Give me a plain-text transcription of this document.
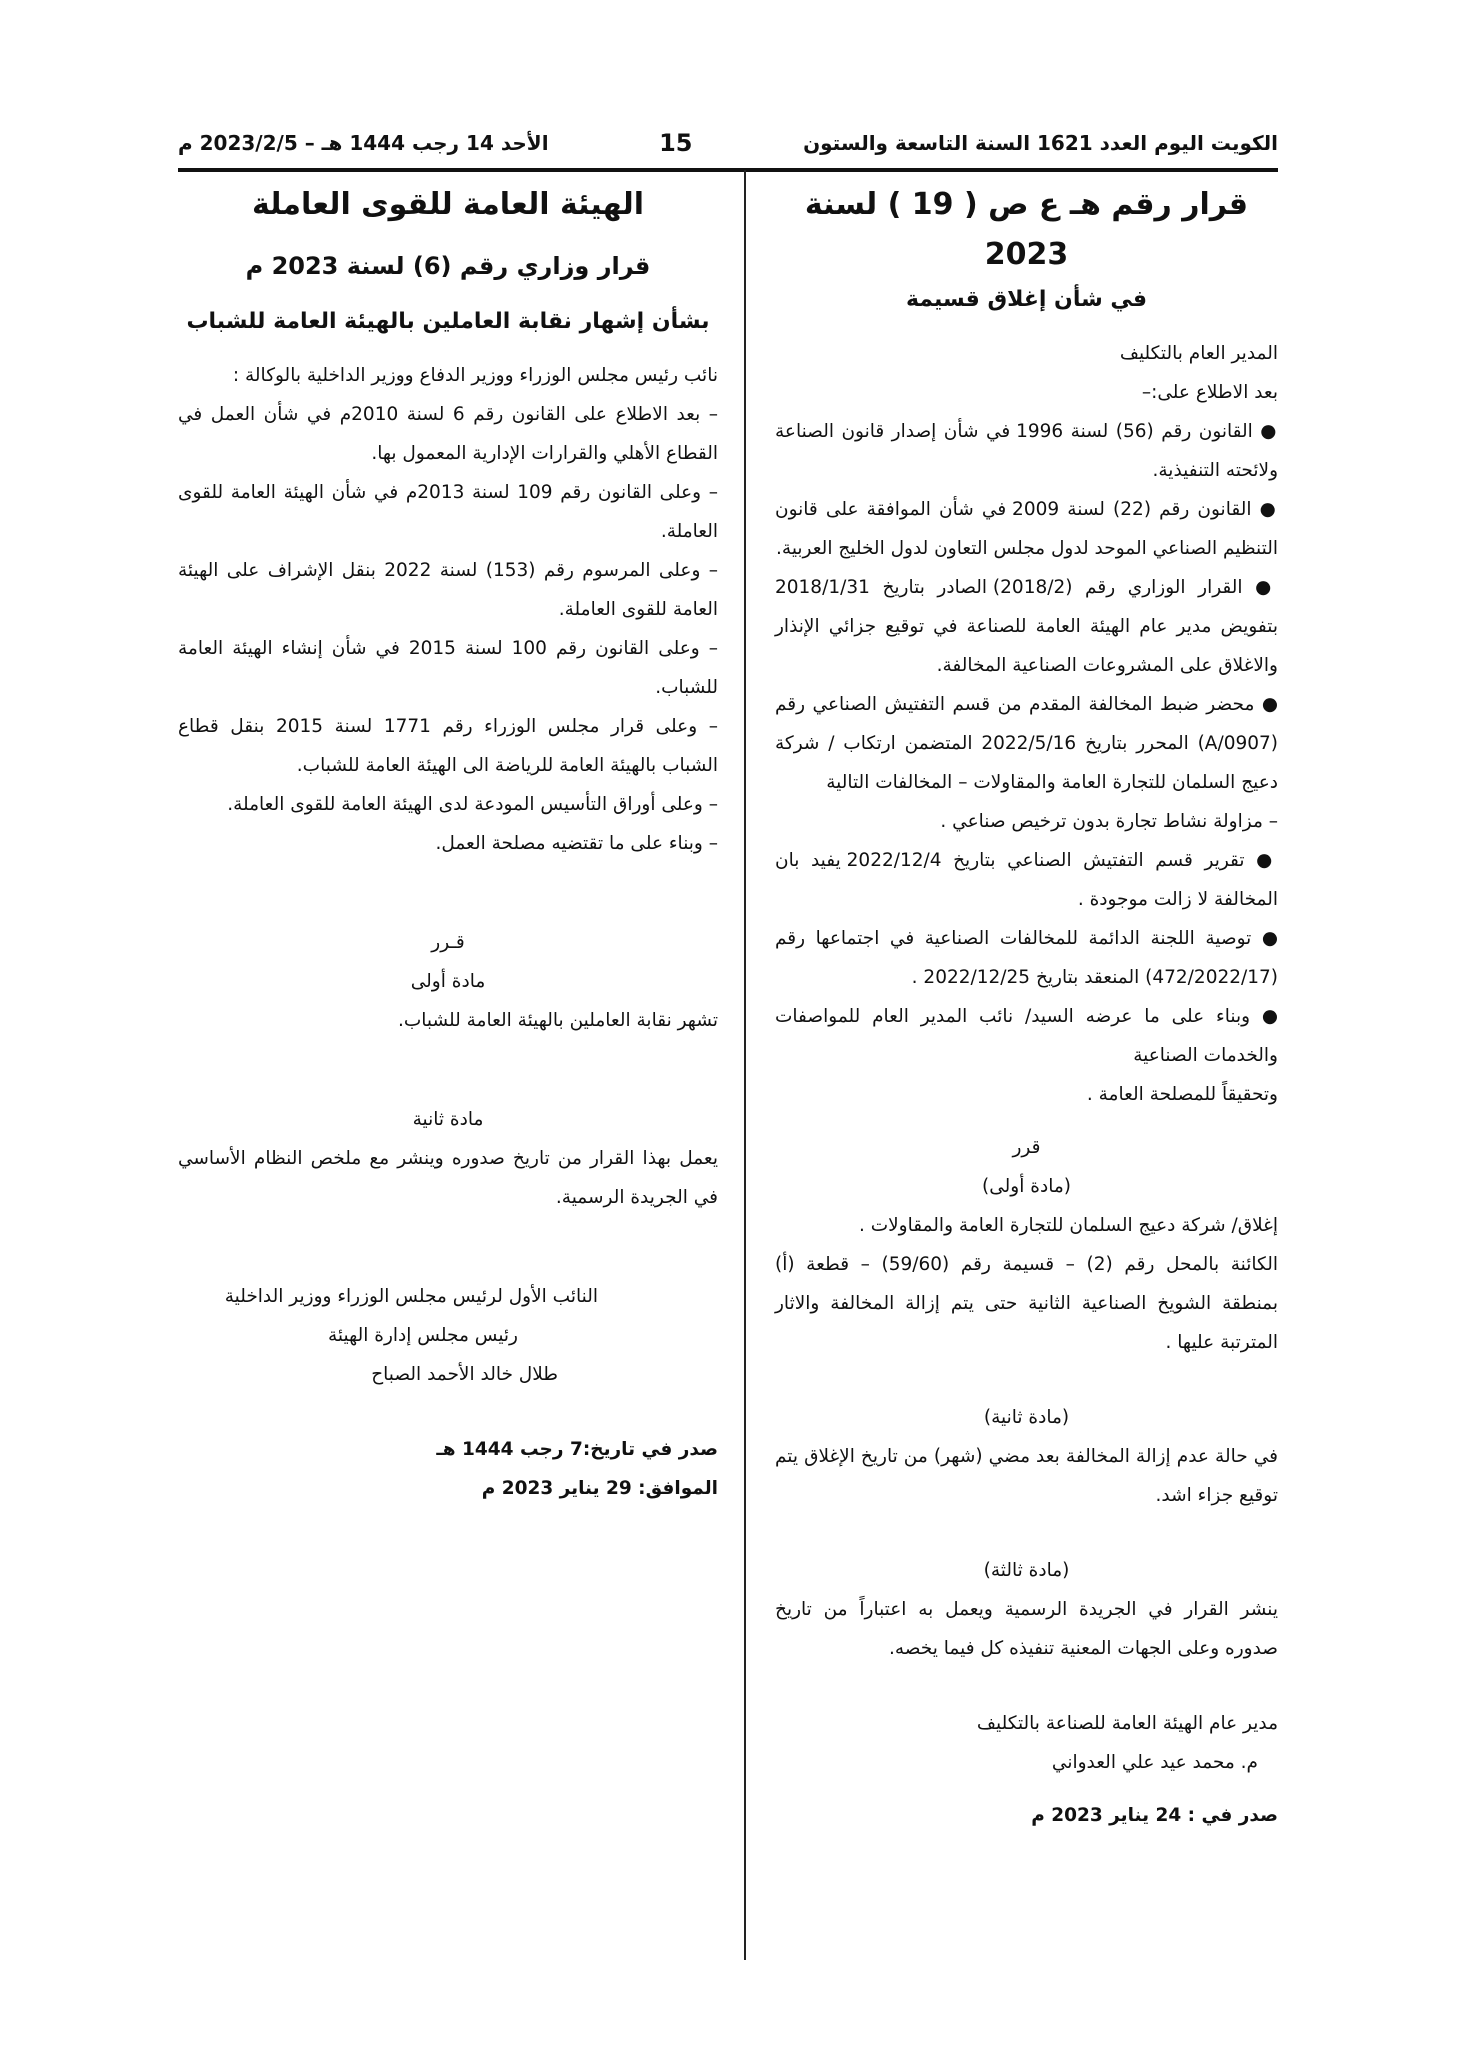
الكويت اليوم العدد 1621 السنة التاسعة والستون
15
الأحد 14 رجب 1444 هـ – 2023/2/5 م

قرار رقم هـ ع ص ( 19 ) لسنة 2023

في شأن إغلاق قسيمة

المدير العام بالتكليف

بعد الاطلاع على:–

● القانون رقم (56) لسنة 1996 في شأن إصدار قانون الصناعة ولائحته التنفيذية.

● القانون رقم (22) لسنة 2009 في شأن الموافقة على قانون التنظيم الصناعي الموحد لدول مجلس التعاون لدول الخليج العربية.

● القرار الوزاري رقم (2018/2) الصادر بتاريخ 2018/1/31 بتفويض مدير عام الهيئة العامة للصناعة في توقيع جزائي الإنذار والاغلاق على المشروعات الصناعية المخالفة.

● محضر ضبط المخالفة المقدم من قسم التفتيش الصناعي رقم (0907/A) المحرر بتاريخ 2022/5/16 المتضمن ارتكاب / شركة دعيج السلمان للتجارة العامة والمقاولات – المخالفات التالية

– مزاولة نشاط تجارة بدون ترخيص صناعي .

● تقرير قسم التفتيش الصناعي بتاريخ 2022/12/4 يفيد بان المخالفة لا زالت موجودة .

● توصية اللجنة الدائمة للمخالفات الصناعية في اجتماعها رقم (472/2022/17) المنعقد بتاريخ 2022/12/25 .

● وبناء على ما عرضه السيد/ نائب المدير العام للمواصفات والخدمات الصناعية

وتحقيقاً للمصلحة العامة .

قرر

(مادة أولى)

إغلاق/ شركة دعيج السلمان للتجارة العامة والمقاولات .

الكائنة بالمحل رقم (2) – قسيمة رقم (59/60) – قطعة (أ) بمنطقة الشويخ الصناعية الثانية حتى يتم إزالة المخالفة والاثار المترتبة عليها .

(مادة ثانية)

في حالة عدم إزالة المخالفة بعد مضي (شهر) من تاريخ الإغلاق يتم توقيع جزاء اشد.

(مادة ثالثة)

ينشر القرار في الجريدة الرسمية ويعمل به اعتباراً من تاريخ صدوره وعلى الجهات المعنية تنفيذه كل فيما يخصه.

مدير عام الهيئة العامة للصناعة بالتكليف

م. محمد عيد علي العدواني

صدر في : 24 يناير 2023 م

الهيئة العامة للقوى العاملة

قرار وزاري رقم (6) لسنة 2023 م

بشأن إشهار نقابة العاملين بالهيئة العامة للشباب

نائب رئيس مجلس الوزراء ووزير الدفاع ووزير الداخلية بالوكالة :

– بعد الاطلاع على القانون رقم 6 لسنة 2010م في شأن العمل في القطاع الأهلي والقرارات الإدارية المعمول بها.

– وعلى القانون رقم 109 لسنة 2013م في شأن الهيئة العامة للقوى العاملة.

– وعلى المرسوم رقم (153) لسنة 2022 بنقل الإشراف على الهيئة العامة للقوى العاملة.

– وعلى القانون رقم 100 لسنة 2015 في شأن إنشاء الهيئة العامة للشباب.

– وعلى قرار مجلس الوزراء رقم 1771 لسنة 2015 بنقل قطاع الشباب بالهيئة العامة للرياضة الى الهيئة العامة للشباب.

– وعلى أوراق التأسيس المودعة لدى الهيئة العامة للقوى العاملة.

– وبناء على ما تقتضيه مصلحة العمل.

قـرر

مادة أولى

تشهر نقابة العاملين بالهيئة العامة للشباب.

مادة ثانية

يعمل بهذا القرار من تاريخ صدوره وينشر مع ملخص النظام الأساسي في الجريدة الرسمية.

النائب الأول لرئيس مجلس الوزراء ووزير الداخلية

رئيس مجلس إدارة الهيئة

طلال خالد الأحمد الصباح

صدر في تاريخ:7 رجب 1444 هـ

الموافق: 29 يناير 2023 م
